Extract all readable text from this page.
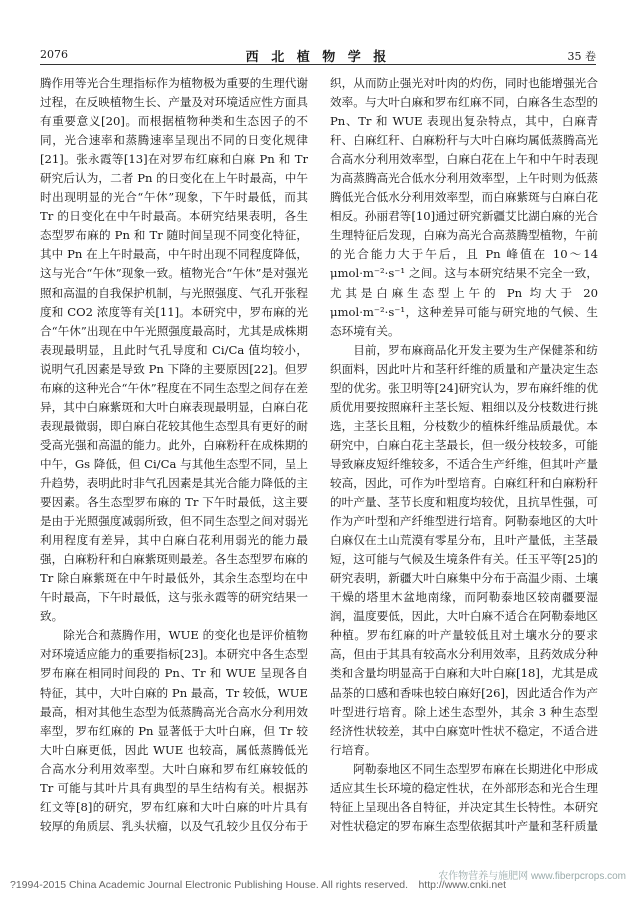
2076	西 北 植 物 学 报	35 卷

腾作用等光合生理指标作为植物极为重要的生理代谢过程，在反映植物生长、产量及对环境适应性方面具有重要意义[20]。而根据植物种类和生态因子的不同，光合速率和蒸腾速率呈现出不同的日变化规律[21]。张永霞等[13]在对罗布红麻和白麻 Pn 和 Tr 研究后认为，二者 Pn 的日变化在上午时最高，中午时出现明显的光合“午休”现象，下午时最低，而其 Tr 的日变化在中午时最高。本研究结果表明，各生态型罗布麻的 Pn 和 Tr 随时间呈现不同变化特征，其中 Pn 在上午时最高，中午时出现不同程度降低，这与光合“午休”现象一致。植物光合“午休”是对强光照和高温的自我保护机制，与光照强度、气孔开张程度和 CO2 浓度等有关[11]。本研究中，罗布麻的光合“午休”出现在中午光照强度最高时，尤其是成株期表现最明显，且此时气孔导度和 Ci/Ca 值均较小，说明气孔因素是导致 Pn 下降的主要原因[22]。但罗布麻的这种光合“午休”程度在不同生态型之间存在差异，其中白麻紫斑和大叶白麻表现最明显，白麻白花表现最微弱，即白麻白花较其他生态型具有更好的耐受高光强和高温的能力。此外，白麻粉秆在成株期的中午，Gs 降低，但 Ci/Ca 与其他生态型不同，呈上升趋势，表明此时非气孔因素是其光合能力降低的主要因素。各生态型罗布麻的 Tr 下午时最低，这主要是由于光照强度减弱所致，但不同生态型之间对弱光利用程度有差异，其中白麻白花利用弱光的能力最强，白麻粉秆和白麻紫斑则最差。各生态型罗布麻的 Tr 除白麻紫斑在中午时最低外，其余生态型均在中午时最高，下午时最低，这与张永霞等的研究结果一致。

除光合和蒸腾作用，WUE 的变化也是评价植物对环境适应能力的重要指标[23]。本研究中各生态型罗布麻在相同时间段的 Pn、Tr 和 WUE 呈现各自特征，其中，大叶白麻的 Pn 最高，Tr 较低，WUE 最高，相对其他生态型为低蒸腾高光合高水分利用效率型，罗布红麻的 Pn 显著低于大叶白麻，但 Tr 较大叶白麻更低，因此 WUE 也较高，属低蒸腾低光合高水分利用效率型。大叶白麻和罗布红麻较低的 Tr 可能与其叶片具有典型的旱生结构有关。根据苏红文等[8]的研究，罗布红麻和大叶白麻的叶片具有较厚的角质层、乳头状瘤，以及气孔较少且仅分布于

织，从而防止强光对叶肉的灼伤，同时也能增强光合效率。与大叶白麻和罗布红麻不同，白麻各生态型的 Pn、Tr 和 WUE 表现出复杂特点，其中，白麻青秆、白麻红秆、白麻粉秆与大叶白麻均属低蒸腾高光合高水分利用效率型，白麻白花在上午和中午时表现为高蒸腾高光合低水分利用效率型，上午时则为低蒸腾低光合低水分利用效率型，而白麻紫斑与白麻白花相反。孙丽君等[10]通过研究新疆艾比湖白麻的光合生理特征后发现，白麻为高光合高蒸腾型植物，午前的光合能力大于午后，且 Pn 峰值在 10～14 μmol·m⁻²·s⁻¹ 之间。这与本研究结果不完全一致，尤其是白麻生态型上午的 Pn 均大于 20 μmol·m⁻²·s⁻¹，这种差异可能与研究地的气候、生态环境有关。

目前，罗布麻商品化开发主要为生产保健茶和纺织面料，因此叶片和茎秆纤维的质量和产量决定生态型的优劣。张卫明等[24]研究认为，罗布麻纤维的优质优用要按照麻秆主茎长短、粗细以及分枝数进行挑选，主茎长且粗，分枝数少的植株纤维品质最优。本研究中，白麻白花主茎最长，但一级分枝较多，可能导致麻皮短纤维较多，不适合生产纤维，但其叶产量较高，因此，可作为叶型培育。白麻红秆和白麻粉秆的叶产量、茎节长度和粗度均较优，且抗旱性强，可作为产叶型和产纤维型进行培育。阿勒泰地区的大叶白麻仅在土山荒漠有零星分布，且叶产量低，主茎最短，这可能与气候及生境条件有关。任玉平等[25]的研究表明，新疆大叶白麻集中分布于高温少雨、土壤干燥的塔里木盆地南缘，而阿勒泰地区较南疆要湿润，温度要低，因此，大叶白麻不适合在阿勒泰地区种植。罗布红麻的叶产量较低且对土壤水分的要求高，但由于其具有较高水分利用效率，且药效成分种类和含量均明显高于白麻和大叶白麻[18]，尤其是成品茶的口感和香味也较白麻好[26]，因此适合作为产叶型进行培育。除上述生态型外，其余 3 种生态型经济性状较差，其中白麻宽叶性状不稳定，不适合进行培育。

阿勒泰地区不同生态型罗布麻在长期进化中形成适应其生长环境的稳定性状，在外部形态和光合生理特征上呈现出各自特征，并决定其生长特性。本研究对性状稳定的罗布麻生态型依据其叶产量和茎秆质量

?1994-2015 China Academic Journal Electronic Publishing House. All rights reserved. http://www.cnki.net
农作物营养与施肥网 www.fiberpcrops.com
